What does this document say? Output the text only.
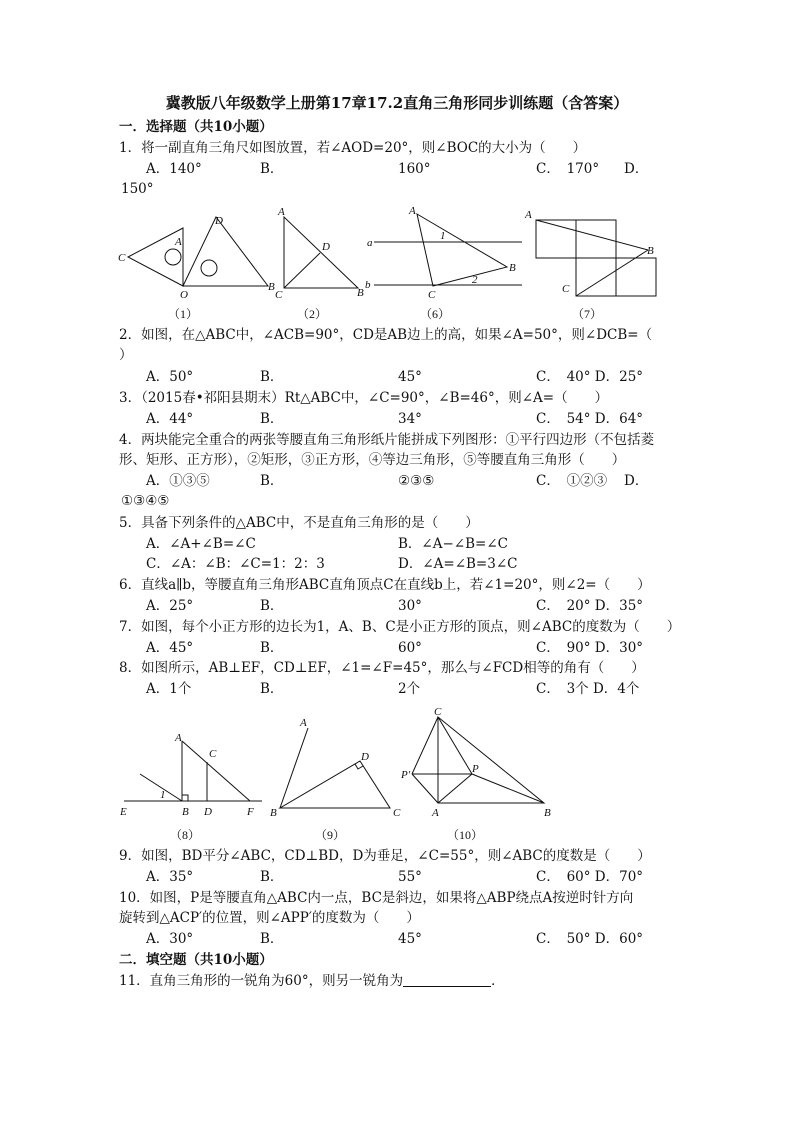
冀教版八年级数学上册第17章17.2直角三角形同步训练题（含答案）
一．选择题（共10小题）
1．将一副直角三角尺如图放置，若∠AOD=20°，则∠BOC的大小为（　　）
A．140°	B．	160°	C．　170° D．
150°
C
A
D
O
B
（1）
A
D
C	B
（2）
a
b
A
B
C
1
2
（6）
A
B
C
（7）
2．如图，在△ABC中，∠ACB=90°，CD是AB边上的高，如果∠A=50°，则∠DCB=（
）
A．50°	B．	45°	C．　40° D．25°
3．（2015春•祁阳县期末）Rt△ABC中，∠C=90°，∠B=46°，则∠A=（　　）
A．44°	B．	34°	C．　54° D．64°
4．两块能完全重合的两张等腰直角三角形纸片能拼成下列图形：①平行四边形（不包括菱
形、矩形、正方形），②矩形，③正方形，④等边三角形，⑤等腰直角三角形（　　）
A．①③⑤	B．	②③⑤	C．　①②③ D．
①③④⑤
5．具备下列条件的△ABC中，不是直角三角形的是（　　）
A．∠A+∠B=∠C	B．∠A−∠B=∠C
C．∠A：∠B：∠C=1：2：3	D．∠A=∠B=3∠C
6．直线a∥b，等腰直角三角形ABC直角顶点C在直线b上，若∠1=20°，则∠2=（　　）
A．25°	B．	30°	C．　20° D．35°
7．如图，每个小正方形的边长为1，A、B、C是小正方形的顶点，则∠ABC的度数为（　　）
A．45°	B．	60°	C．　90° D．30°
8．如图所示，AB⊥EF，CD⊥EF，∠1=∠F=45°，那么与∠FCD相等的角有（　　）
A．1个	B．	2个	C．　3个 D．4个
E
1
A
C
B D	F
（8）
A
D
B	C
（9）
C
P′	P
A	B
（10）
9．如图，BD平分∠ABC，CD⊥BD，D为垂足，∠C=55°，则∠ABC的度数是（　　）
A．35°	B．	55°	C．　60° D．70°
10．如图，P是等腰直角△ABC内一点，BC是斜边，如果将△ABP绕点A按逆时针方向
旋转到△ACP′的位置，则∠APP′的度数为（　　）
A．30°	B．	45°	C．　50° D．60°
二．填空题（共10小题）
11．直角三角形的一锐角为60°，则另一锐角为	．
